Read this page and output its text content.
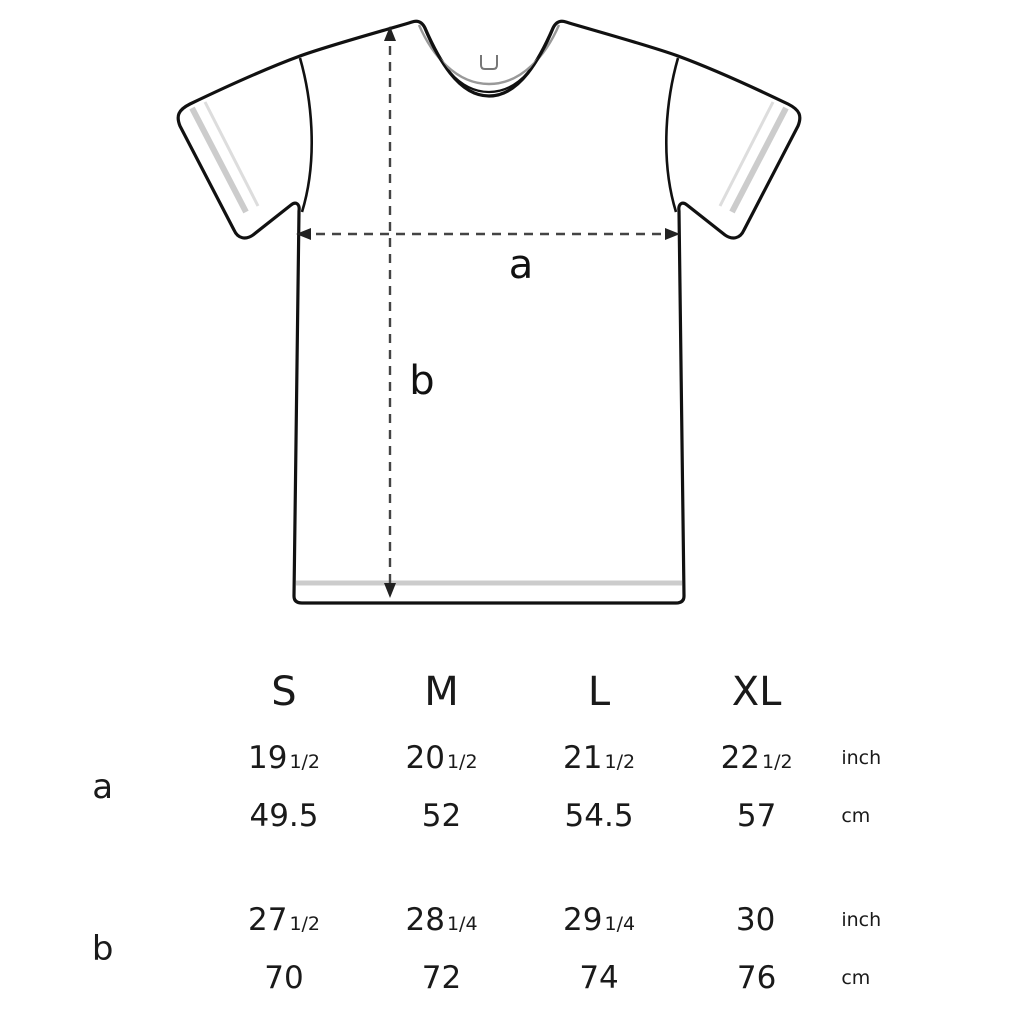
a
b
	S	M	L	XL	
a	19 1/2	20 1/2	21 1/2	22 1/2	inch
	49.5	52	54.5	57	cm

b	27 1/2	28 1/4	29 1/4	30	inch
	70	72	74	76	cm
